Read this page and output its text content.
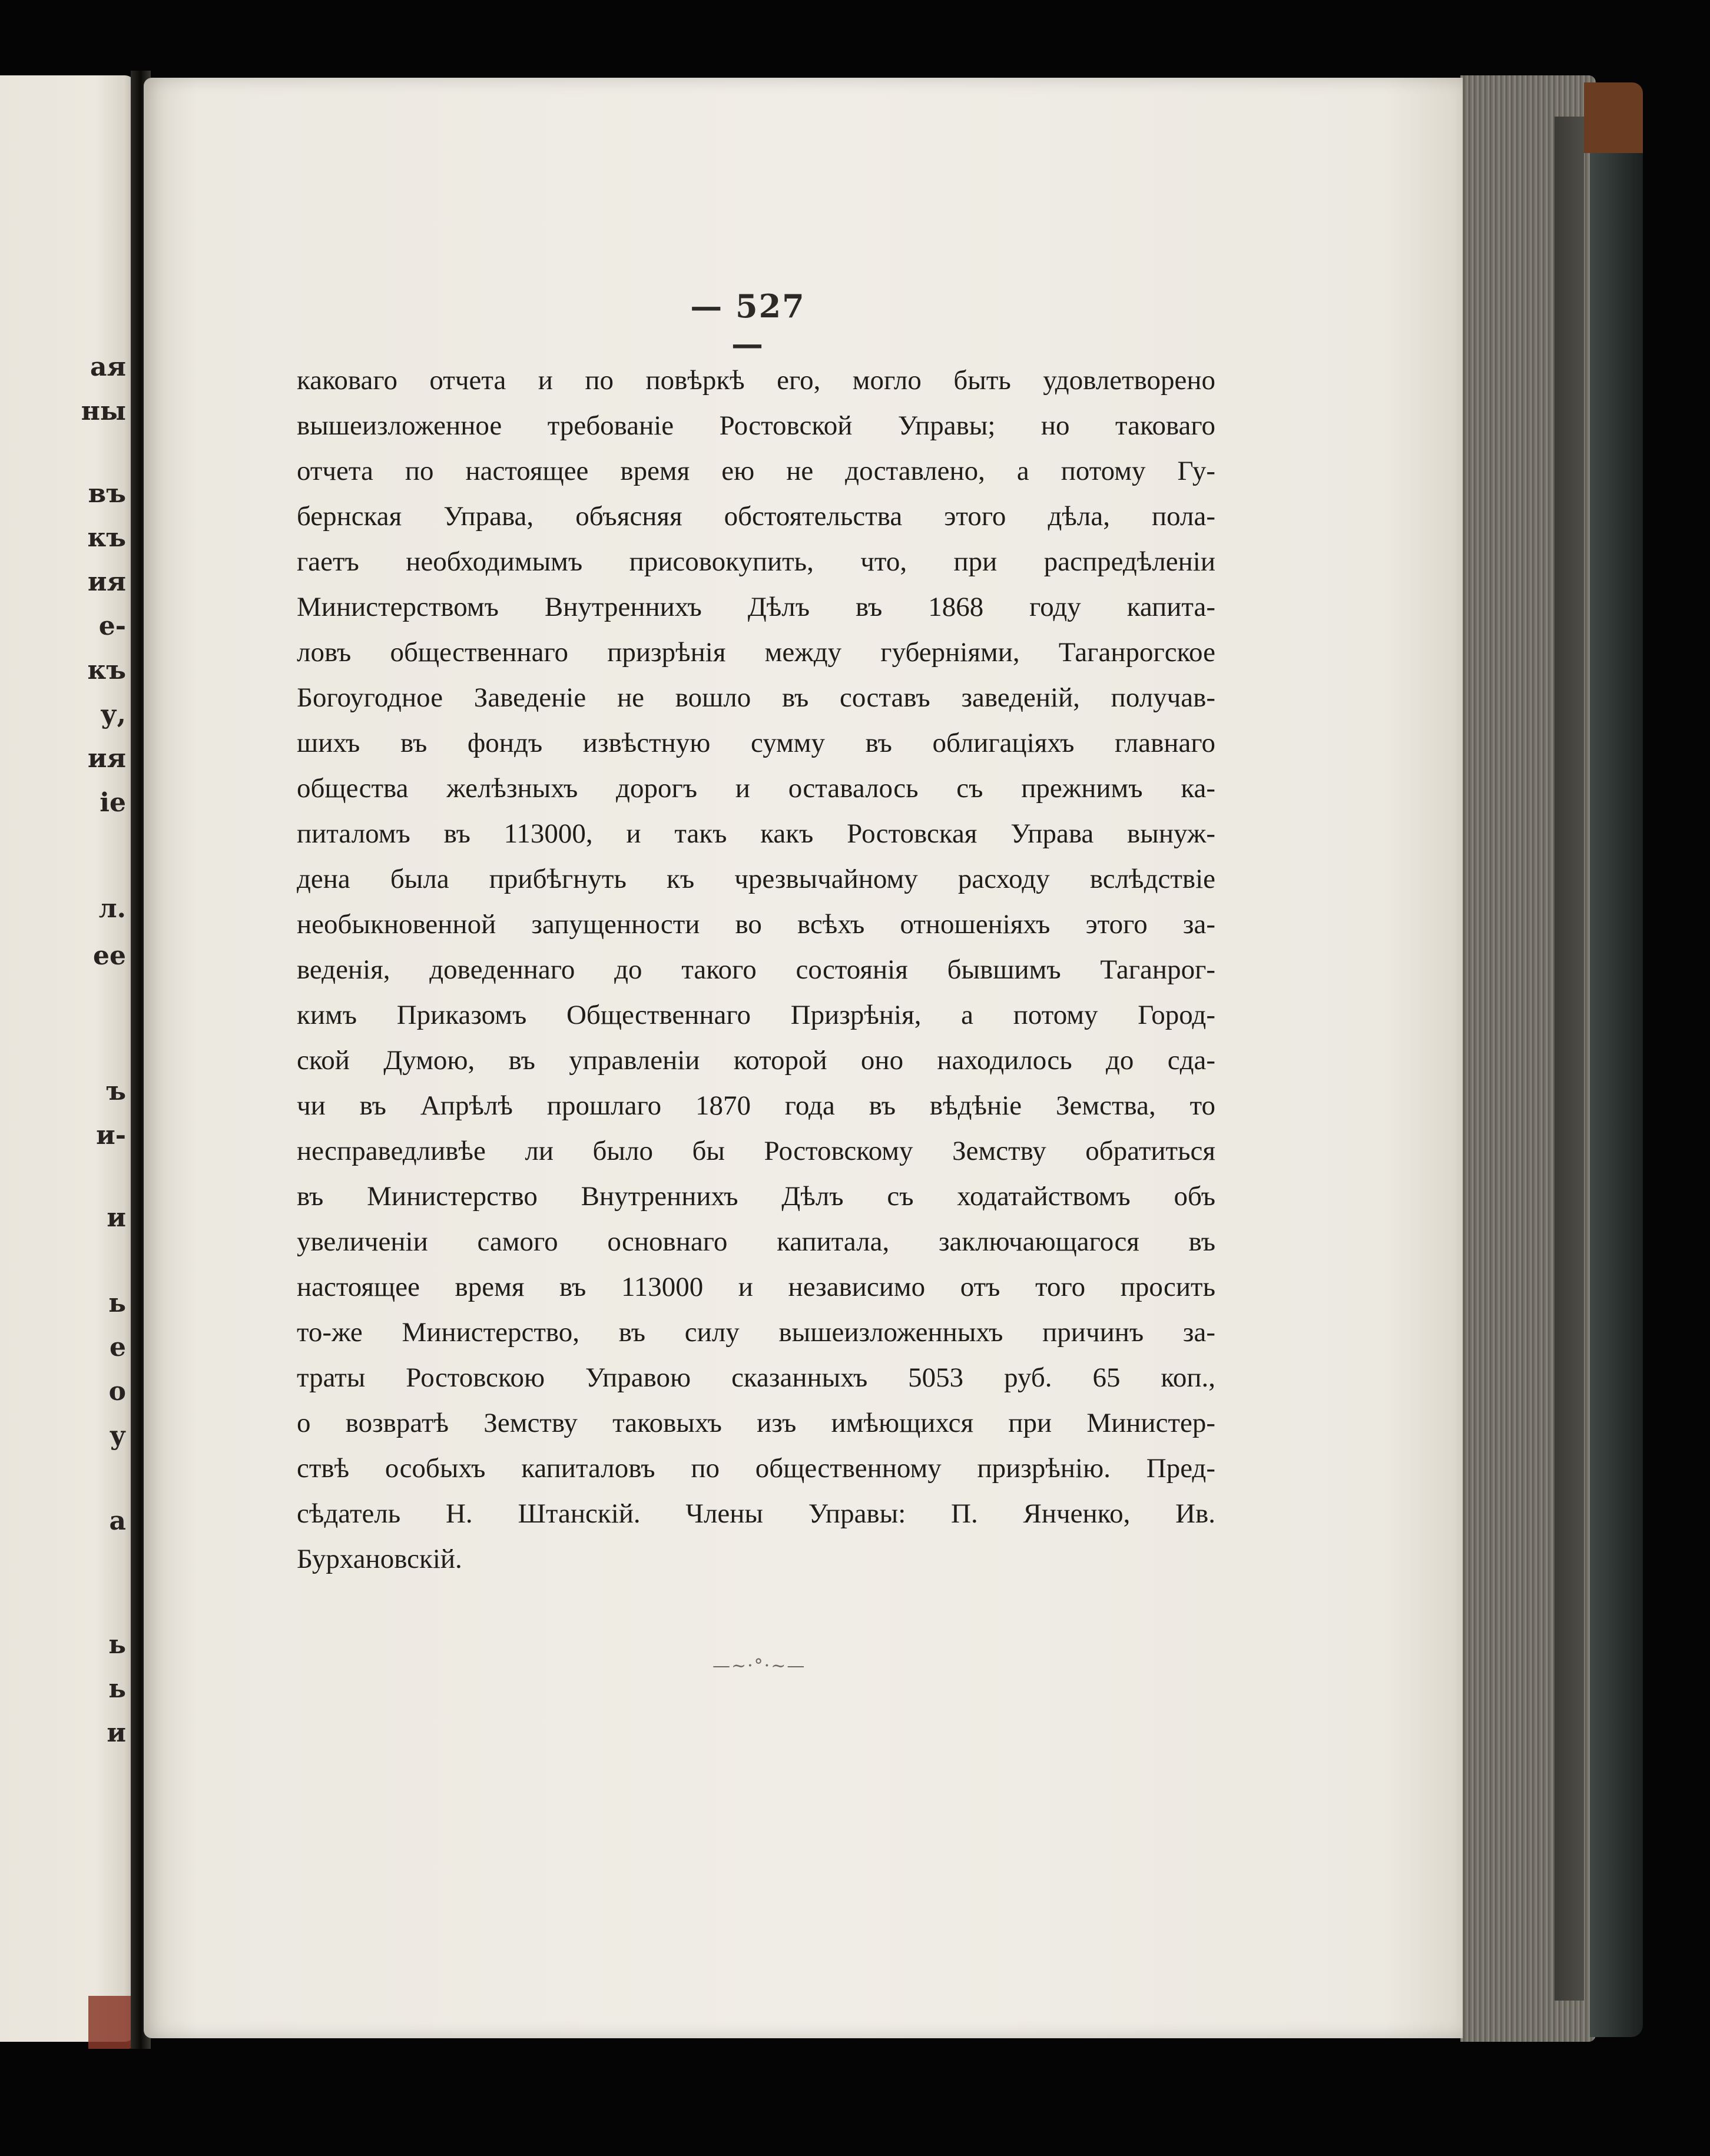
ая
ны
въ
къ
ия
е-
къ
у,
ия
іе
л.
ее
ъ
и-
и
ь
е
о
у
а
ь
ь
и
— 527 —
каковаго отчета и по повѣркѣ его, могло быть удовлетворено
вышеизложенное требованіе Ростовской Управы; но таковаго
отчета по настоящее время ею не доставлено, а потому Гу-
бернская Управа, объясняя обстоятельства этого дѣла, пола-
гаетъ необходимымъ присовокупить, что, при распредѣленіи
Министерствомъ Внутреннихъ Дѣлъ въ 1868 году капита-
ловъ общественнаго призрѣнія между губерніями, Таганрогское
Богоугодное Заведеніе не вошло въ составъ заведеній, получав-
шихъ въ фондъ извѣстную сумму въ облигаціяхъ главнаго
общества желѣзныхъ дорогъ и оставалось съ прежнимъ ка-
питаломъ въ 113000, и такъ какъ Ростовская Управа вынуж-
дена была прибѣгнуть къ чрезвычайному расходу вслѣдствіе
необыкновенной запущенности во всѣхъ отношеніяхъ этого за-
веденія, доведеннаго до такого состоянія бывшимъ Таганрог-
кимъ Приказомъ Общественнаго Призрѣнія, а потому Город-
ской Думою, въ управленіи которой оно находилось до сда-
чи въ Апрѣлѣ прошлаго 1870 года въ вѣдѣніе Земства, то
несправедливѣе ли было бы Ростовскому Земству обратиться
въ Министерство Внутреннихъ Дѣлъ съ ходатайствомъ объ
увеличеніи самого основнаго капитала, заключающагося въ
настоящее время въ 113000 и независимо отъ того просить
то-же Министерство, въ силу вышеизложенныхъ причинъ за-
траты Ростовскою Управою сказанныхъ 5053 руб. 65 коп.,
о возвратѣ Земству таковыхъ изъ имѣющихся при Министер-
ствѣ особыхъ капиталовъ по общественному призрѣнію. Пред-
сѣдатель Н. Штанскій. Члены Управы: П. Янченко, Ив.
Бурхановскій.
—~·°·~—
